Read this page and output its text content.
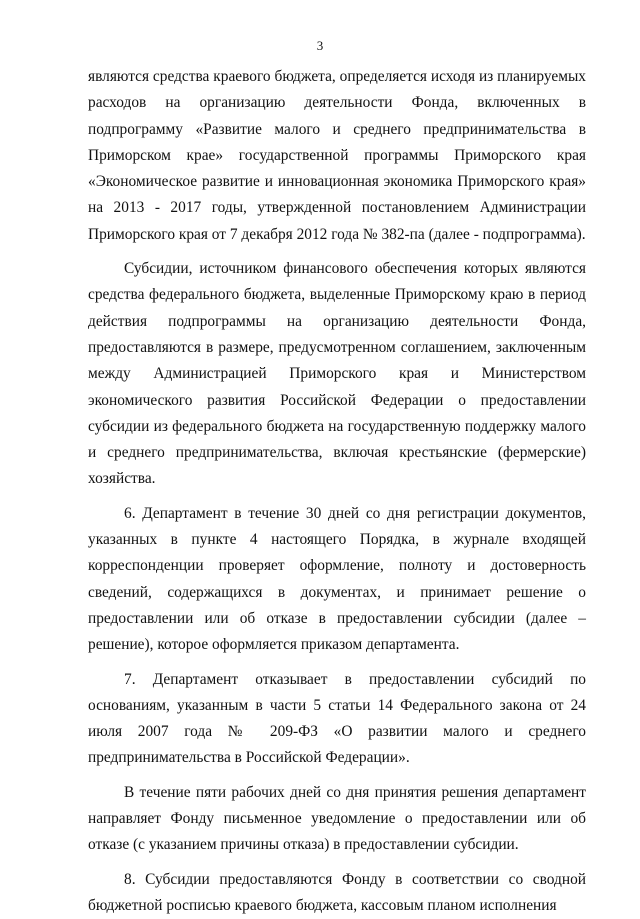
3

являются средства краевого бюджета, определяется исходя из планируемых расходов на организацию деятельности Фонда, включенных в подпрограмму «Развитие малого и среднего предпринимательства в Приморском крае» государственной программы Приморского края «Экономическое развитие и инновационная экономика Приморского края» на 2013 - 2017 годы, утвержденной постановлением Администрации Приморского края от 7 декабря 2012 года № 382-па (далее - подпрограмма).

Субсидии, источником финансового обеспечения которых являются средства федерального бюджета, выделенные Приморскому краю в период действия подпрограммы на организацию деятельности Фонда, предоставляются в размере, предусмотренном соглашением, заключенным между Администрацией Приморского края и Министерством экономического развития Российской Федерации о предоставлении субсидии из федерального бюджета на государственную поддержку малого и среднего предпринимательства, включая крестьянские (фермерские) хозяйства.

6. Департамент в течение 30 дней со дня регистрации документов, указанных в пункте 4 настоящего Порядка, в журнале входящей корреспонденции проверяет оформление, полноту и достоверность сведений, содержащихся в документах, и принимает решение о предоставлении или об отказе в предоставлении субсидии (далее – решение), которое оформляется приказом департамента.

7. Департамент отказывает в предоставлении субсидий по основаниям, указанным в части 5 статьи 14 Федерального закона от 24 июля 2007 года № 209-ФЗ «О развитии малого и среднего предпринимательства в Российской Федерации».

В течение пяти рабочих дней со дня принятия решения департамент направляет Фонду письменное уведомление о предоставлении или об отказе (с указанием причины отказа) в предоставлении субсидии.

8. Субсидии предоставляются Фонду в соответствии со сводной бюджетной росписью краевого бюджета, кассовым планом исполнения
